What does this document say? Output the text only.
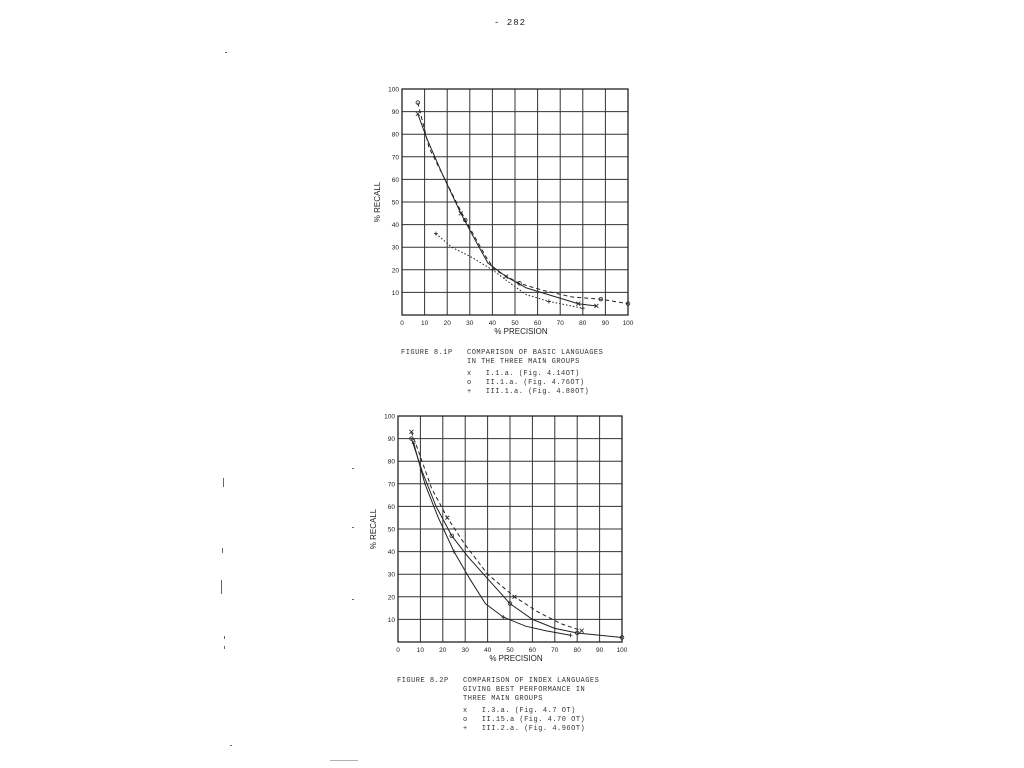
- 282
0	10 20 30 40 50 60 70 80 90 100
10
20
30
40
50
60
70
80
90
100
% PRECISION
% RECALL
0	10 20 30 40 50 60 70 80 90 100
10
20
30
40
50
60
70
80
90
100
% PRECISION
% RECALL
FIGURE 8.1P COMPARISON OF BASIC LANGUAGES
IN THE THREE MAIN GROUPS
x   I.1.a. (Fig. 4.14OT)
o   II.1.a. (Fig. 4.76OT)
+   III.1.a. (Fig. 4.80OT)
FIGURE 8.2P COMPARISON OF INDEX LANGUAGES
GIVING BEST PERFORMANCE IN
THREE MAIN GROUPS
x   I.3.a. (Fig. 4.7 OT)
o   II.15.a (Fig. 4.70 OT)
+   III.2.a. (Fig. 4.96OT)
